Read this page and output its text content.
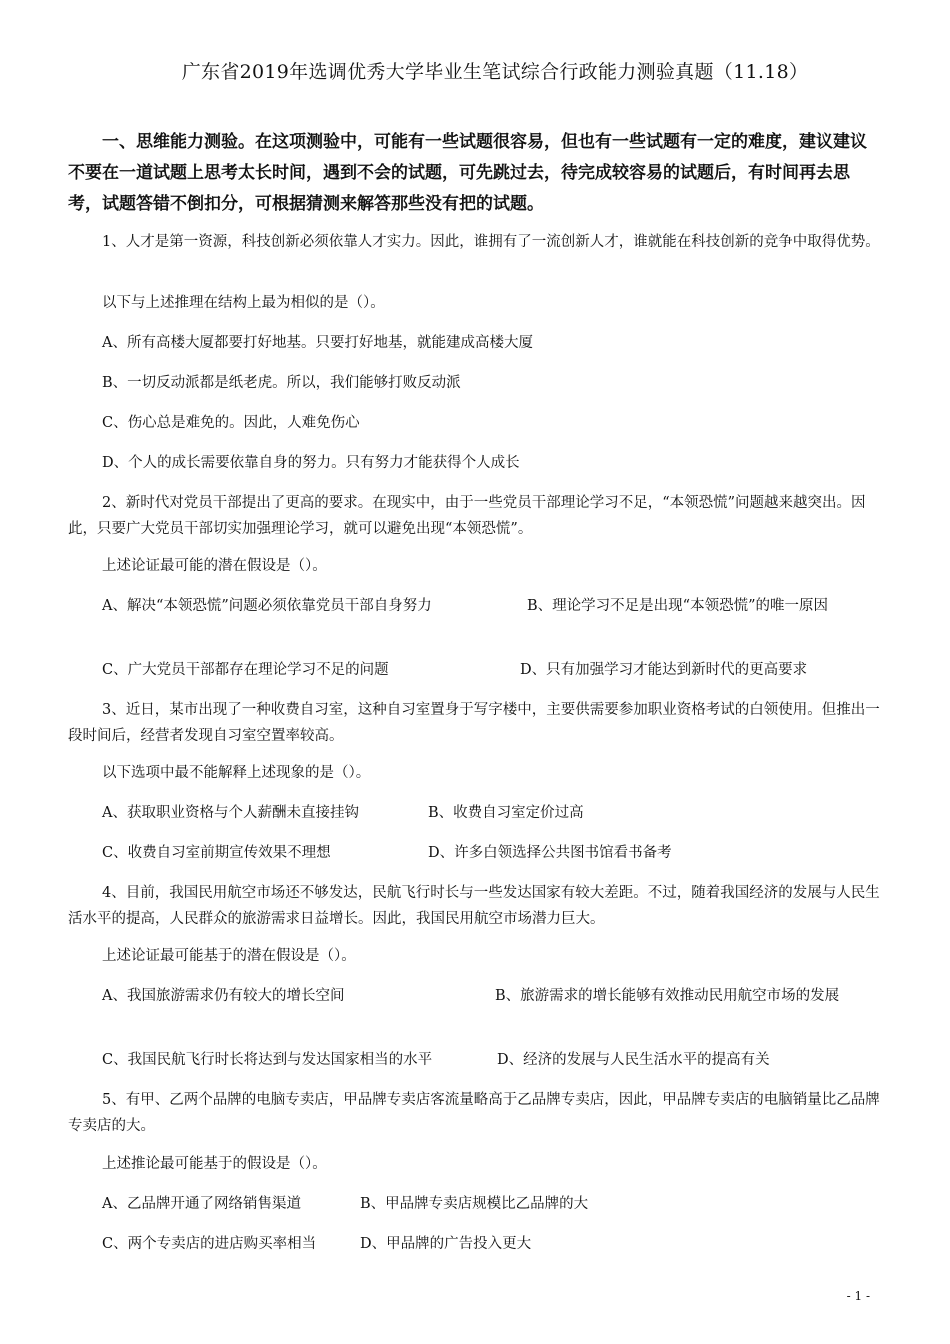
广东省2019年选调优秀大学毕业生笔试综合行政能力测验真题（11.18）
一、思维能力测验。在这项测验中，可能有一些试题很容易，但也有一些试题有一定的难度，建议建议不要在一道试题上思考太长时间，遇到不会的试题，可先跳过去，待完成较容易的试题后，有时间再去思考，试题答错不倒扣分，可根据猜测来解答那些没有把的试题。
1、人才是第一资源，科技创新必须依靠人才实力。因此，谁拥有了一流创新人才，谁就能在科技创新的竞争中取得优势。
以下与上述推理在结构上最为相似的是（）。
A、所有高楼大厦都要打好地基。只要打好地基，就能建成高楼大厦
B、一切反动派都是纸老虎。所以，我们能够打败反动派
C、伤心总是难免的。因此，人难免伤心
D、个人的成长需要依靠自身的努力。只有努力才能获得个人成长
2、新时代对党员干部提出了更高的要求。在现实中，由于一些党员干部理论学习不足，“本领恐慌”问题越来越突出。因此，只要广大党员干部切实加强理论学习，就可以避免出现“本领恐慌”。
上述论证最可能的潜在假设是（）。
A、解决“本领恐慌”问题必须依靠党员干部自身努力	B、理论学习不足是出现“本领恐慌”的唯一原因
C、广大党员干部都存在理论学习不足的问题	D、只有加强学习才能达到新时代的更高要求
3、近日，某市出现了一种收费自习室，这种自习室置身于写字楼中，主要供需要参加职业资格考试的白领使用。但推出一段时间后，经营者发现自习室空置率较高。
以下选项中最不能解释上述现象的是（）。
A、获取职业资格与个人薪酬未直接挂钩	B、收费自习室定价过高
C、收费自习室前期宣传效果不理想	D、许多白领选择公共图书馆看书备考
4、目前，我国民用航空市场还不够发达，民航飞行时长与一些发达国家有较大差距。不过，随着我国经济的发展与人民生活水平的提高，人民群众的旅游需求日益增长。因此，我国民用航空市场潜力巨大。
上述论证最可能基于的潜在假设是（）。
A、我国旅游需求仍有较大的增长空间	B、旅游需求的增长能够有效推动民用航空市场的发展
C、我国民航飞行时长将达到与发达国家相当的水平	D、经济的发展与人民生活水平的提高有关
5、有甲、乙两个品牌的电脑专卖店，甲品牌专卖店客流量略高于乙品牌专卖店，因此，甲品牌专卖店的电脑销量比乙品牌专卖店的大。
上述推论最可能基于的假设是（）。
A、乙品牌开通了网络销售渠道	B、甲品牌专卖店规模比乙品牌的大
C、两个专卖店的进店购买率相当	D、甲品牌的广告投入更大
- 1 -
